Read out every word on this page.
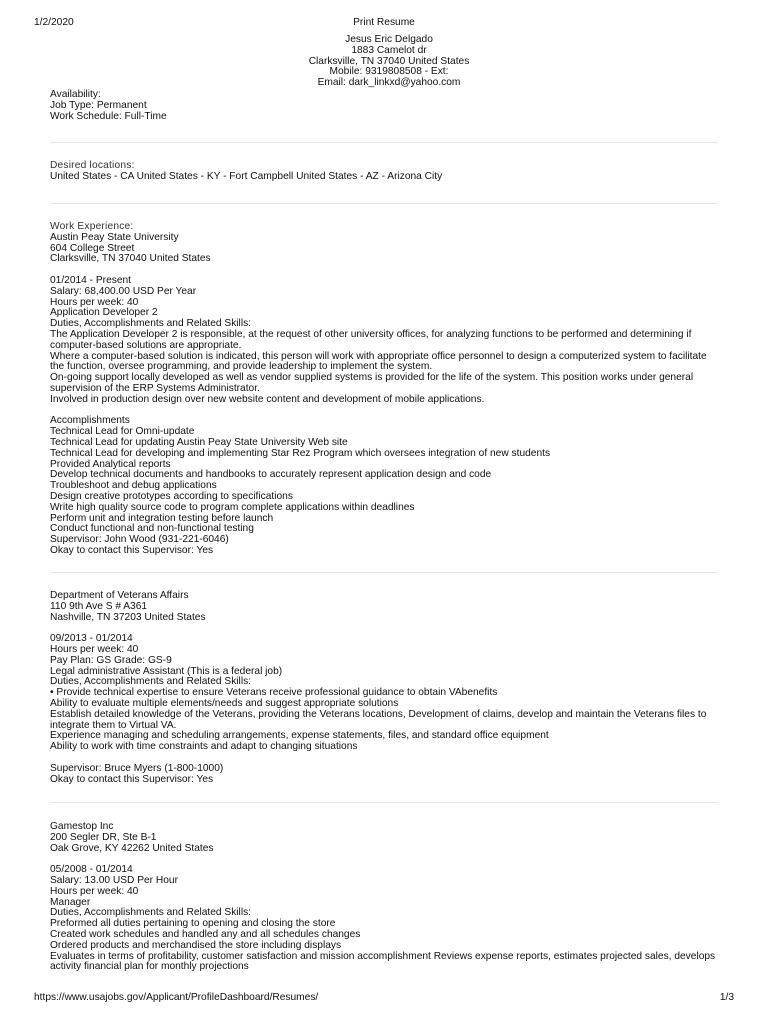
1/2/2020	Print Resume
Jesus Eric Delgado
1883 Camelot dr
Clarksville, TN 37040 United States
Mobile: 9319808508 - Ext:
Email: dark_linkxd@yahoo.com
Availability:
Job Type: Permanent
Work Schedule: Full-Time
Desired locations:
United States - CA United States - KY - Fort Campbell United States - AZ - Arizona City
Work Experience:
Austin Peay State University
604 College Street
Clarksville, TN 37040 United States
01/2014 - Present
Salary: 68,400.00 USD Per Year
Hours per week: 40
Application Developer 2
Duties, Accomplishments and Related Skills:
The Application Developer 2 is responsible, at the request of other university offices, for analyzing functions to be performed and determining if computer-based solutions are appropriate.
Where a computer-based solution is indicated, this person will work with appropriate office personnel to design a computerized system to facilitate the function, oversee programming, and provide leadership to implement the system.
On-going support locally developed as well as vendor supplied systems is provided for the life of the system. This position works under general supervision of the ERP Systems Administrator.
Involved in production design over new website content and development of mobile applications.
Accomplishments
Technical Lead for Omni-update
Technical Lead for updating Austin Peay State University Web site
Technical Lead for developing and implementing Star Rez Program which oversees integration of new students
Provided Analytical reports
Develop technical documents and handbooks to accurately represent application design and code
Troubleshoot and debug applications
Design creative prototypes according to specifications
Write high quality source code to program complete applications within deadlines
Perform unit and integration testing before launch
Conduct functional and non-functional testing
Supervisor: John Wood (931-221-6046)
Okay to contact this Supervisor: Yes
Department of Veterans Affairs
110 9th Ave S # A361
Nashville, TN 37203 United States
09/2013 - 01/2014
Hours per week: 40
Pay Plan: GS Grade: GS-9
Legal administrative Assistant (This is a federal job)
Duties, Accomplishments and Related Skills:
• Provide technical expertise to ensure Veterans receive professional guidance to obtain VAbenefits
Ability to evaluate multiple elements/needs and suggest appropriate solutions
Establish detailed knowledge of the Veterans, providing the Veterans locations, Development of claims, develop and maintain the Veterans files to integrate them to Virtual VA.
Experience managing and scheduling arrangements, expense statements, files, and standard office equipment
Ability to work with time constraints and adapt to changing situations
Supervisor: Bruce Myers (1-800-1000)
Okay to contact this Supervisor: Yes
Gamestop Inc
200 Segler DR, Ste B-1
Oak Grove, KY 42262 United States
05/2008 - 01/2014
Salary: 13.00 USD Per Hour
Hours per week: 40
Manager
Duties, Accomplishments and Related Skills:
Preformed all duties pertaining to opening and closing the store
Created work schedules and handled any and all schedules changes
Ordered products and merchandised the store including displays
Evaluates in terms of profitability, customer satisfaction and mission accomplishment Reviews expense reports, estimates projected sales, develops activity financial plan for monthly projections
https://www.usajobs.gov/Applicant/ProfileDashboard/Resumes/	1/3
